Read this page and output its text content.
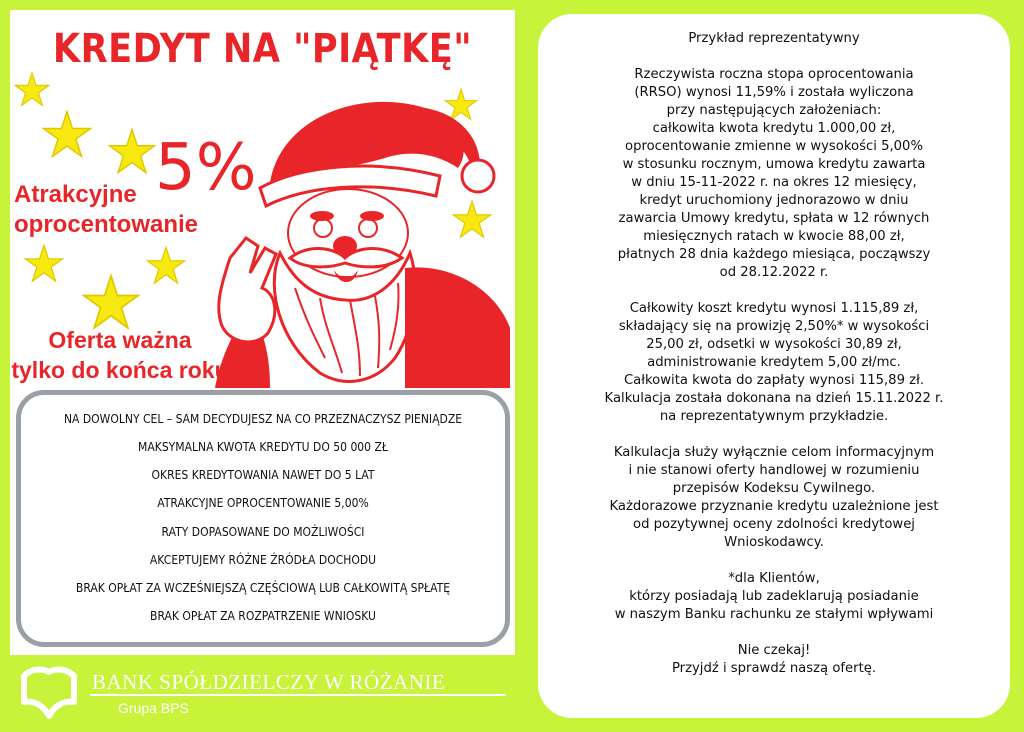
KREDYT NA "PIĄTKĘ"
Atrakcyjne
oprocentowanie
5%
Oferta ważna
tylko do końca roku
NA DOWOLNY CEL – SAM DECYDUJESZ NA CO PRZEZNACZYSZ PIENIĄDZE
MAKSYMALNA KWOTA KREDYTU DO 50 000 ZŁ
OKRES KREDYTOWANIA NAWET DO 5 LAT
ATRAKCYJNE OPROCENTOWANIE 5,00%
RATY DOPASOWANE DO MOŻLIWOŚCI
AKCEPTUJEMY RÓŻNE ŹRÓDŁA DOCHODU
BRAK OPŁAT ZA WCZEŚNIEJSZĄ CZĘŚCIOWĄ LUB CAŁKOWITĄ SPŁATĘ
BRAK OPŁAT ZA ROZPATRZENIE WNIOSKU
BANK SPÓŁDZIELCZY W RÓŻANIE
Grupa BPS

Przykład reprezentatywny

Rzeczywista roczna stopa oprocentowania
(RRSO) wynosi 11,59% i została wyliczona
przy następujących założeniach:
całkowita kwota kredytu 1.000,00 zł,
oprocentowanie zmienne w wysokości 5,00%
w stosunku rocznym, umowa kredytu zawarta
w dniu 15-11-2022 r. na okres 12 miesięcy,
kredyt uruchomiony jednorazowo w dniu
zawarcia Umowy kredytu, spłata w 12 równych
miesięcznych ratach w kwocie 88,00 zł,
płatnych 28 dnia każdego miesiąca, począwszy
od 28.12.2022 r.
Całkowity koszt kredytu wynosi 1.115,89 zł,
składający się na prowizję 2,50%* w wysokości
25,00 zł, odsetki w wysokości 30,89 zł,
administrowanie kredytem 5,00 zł/mc.
Całkowita kwota do zapłaty wynosi 115,89 zł.
Kalkulacja została dokonana na dzień 15.11.2022 r.
na reprezentatywnym przykładzie.
Kalkulacja służy wyłącznie celom informacyjnym
i nie stanowi oferty handlowej w rozumieniu
przepisów Kodeksu Cywilnego.
Każdorazowe przyznanie kredytu uzależnione jest
od pozytywnej oceny zdolności kredytowej
Wnioskodawcy.
*dla Klientów,
którzy posiadają lub zadeklarują posiadanie
w naszym Banku rachunku ze stałymi wpływami
Nie czekaj!
Przyjdź i sprawdź naszą ofertę.
